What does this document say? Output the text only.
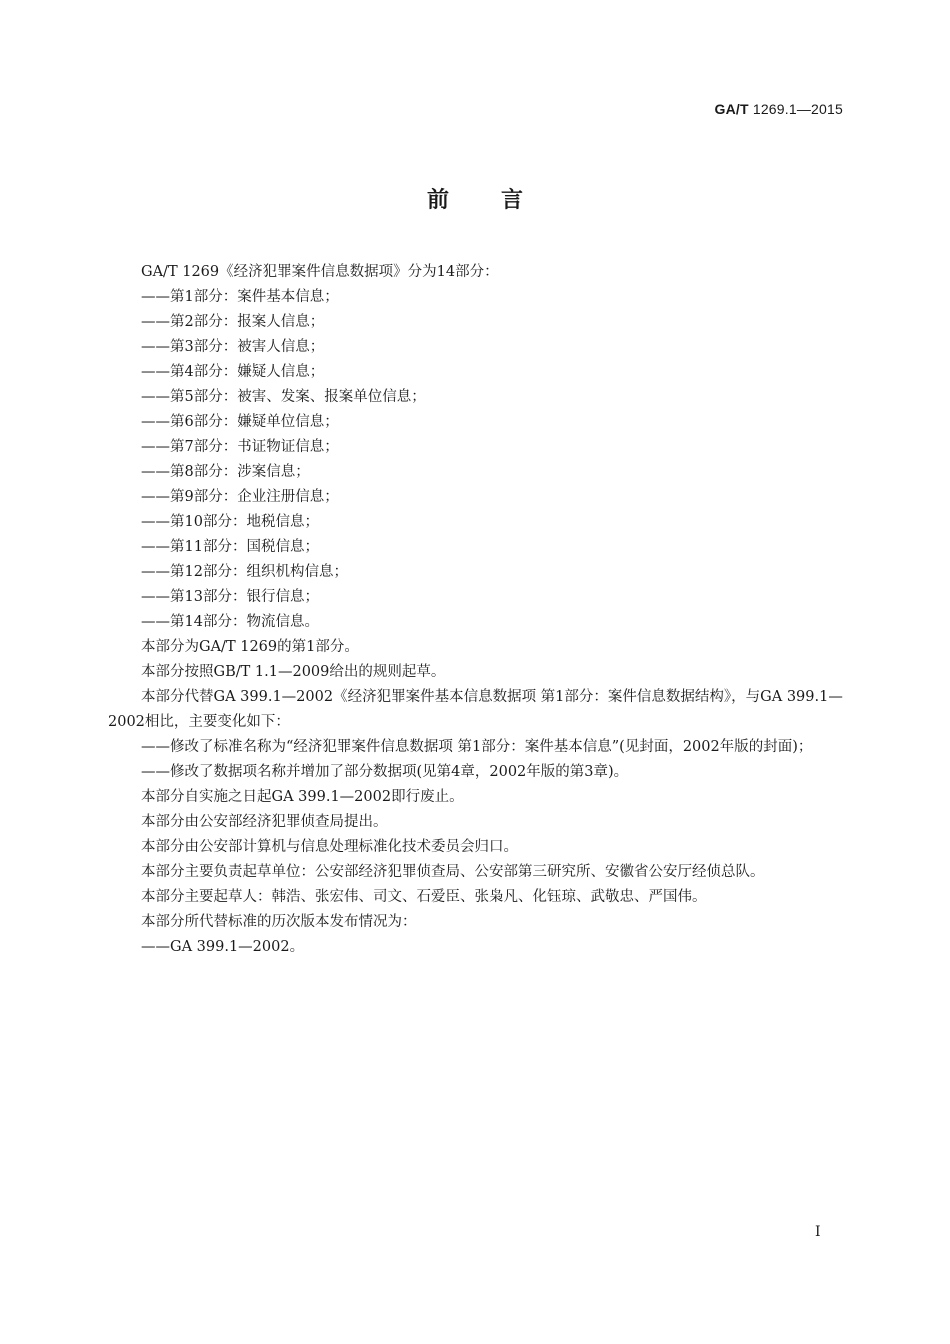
GA/T 1269.1—2015
前言

GA/T 1269《经济犯罪案件信息数据项》分为14部分：

——第1部分：案件基本信息；

——第2部分：报案人信息；

——第3部分：被害人信息；

——第4部分：嫌疑人信息；

——第5部分：被害、发案、报案单位信息；

——第6部分：嫌疑单位信息；

——第7部分：书证物证信息；

——第8部分：涉案信息；

——第9部分：企业注册信息；

——第10部分：地税信息；

——第11部分：国税信息；

——第12部分：组织机构信息；

——第13部分：银行信息；

——第14部分：物流信息。

本部分为GA/T 1269的第1部分。

本部分按照GB/T 1.1—2009给出的规则起草。

本部分代替GA 399.1—2002《经济犯罪案件基本信息数据项 第1部分：案件信息数据结构》，与GA 399.1—2002相比，主要变化如下：

——修改了标准名称为“经济犯罪案件信息数据项 第1部分：案件基本信息”(见封面，2002年版的封面)；

——修改了数据项名称并增加了部分数据项(见第4章，2002年版的第3章)。

本部分自实施之日起GA 399.1—2002即行废止。

本部分由公安部经济犯罪侦查局提出。

本部分由公安部计算机与信息处理标准化技术委员会归口。

本部分主要负责起草单位：公安部经济犯罪侦查局、公安部第三研究所、安徽省公安厅经侦总队。

本部分主要起草人：韩浩、张宏伟、司文、石爱臣、张枭凡、化钰琼、武敬忠、严国伟。

本部分所代替标准的历次版本发布情况为：

——GA 399.1—2002。

I
